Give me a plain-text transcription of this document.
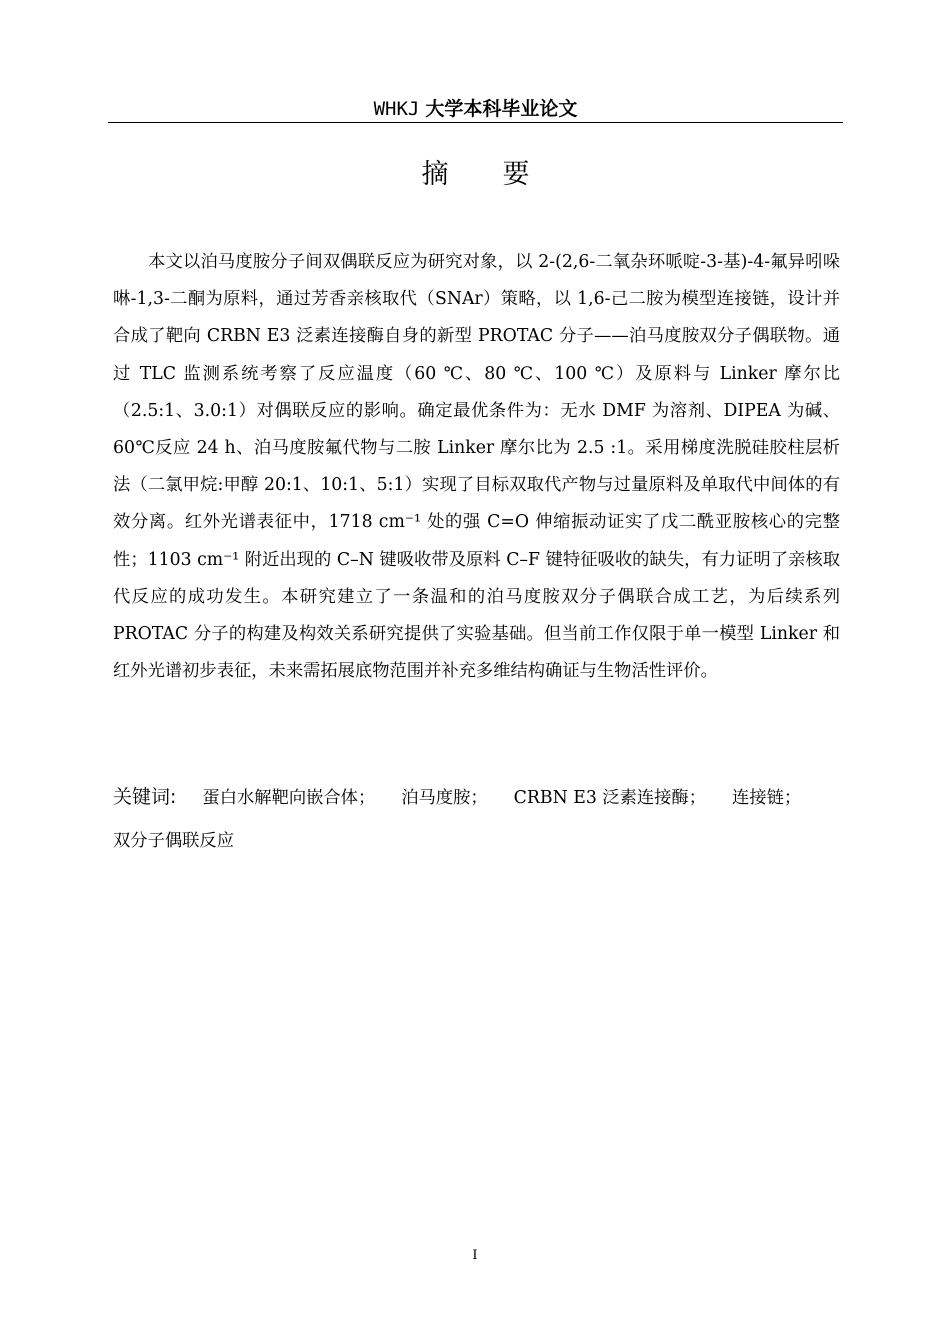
WHKJ 大学本科毕业论文
摘 要

本文以泊马度胺分子间双偶联反应为研究对象，以 2-(2,6-二氧杂环哌啶-3-基)-4-氟异吲哚啉-1,3-二酮为原料，通过芳香亲核取代（SNAr）策略，以 1,6-己二胺为模型连接链，设计并合成了靶向 CRBN E3 泛素连接酶自身的新型 PROTAC 分子——泊马度胺双分子偶联物。通过 TLC 监测系统考察了反应温度（60 ℃、80 ℃、100 ℃）及原料与 Linker 摩尔比（2.5:1、3.0:1）对偶联反应的影响。确定最优条件为：无水 DMF 为溶剂、DIPEA 为碱、60℃反应 24 h、泊马度胺氟代物与二胺 Linker 摩尔比为 2.5 :1。采用梯度洗脱硅胶柱层析法（二氯甲烷:甲醇 20:1、10:1、5:1）实现了目标双取代产物与过量原料及单取代中间体的有效分离。红外光谱表征中，1718 cm⁻¹ 处的强 C=O 伸缩振动证实了戊二酰亚胺核心的完整性；1103 cm⁻¹ 附近出现的 C–N 键吸收带及原料 C–F 键特征吸收的缺失，有力证明了亲核取代反应的成功发生。本研究建立了一条温和的泊马度胺双分子偶联合成工艺，为后续系列 PROTAC 分子的构建及构效关系研究提供了实验基础。但当前工作仅限于单一模型 Linker 和红外光谱初步表征，未来需拓展底物范围并补充多维结构确证与生物活性评价。

关键词: 蛋白水解靶向嵌合体； 泊马度胺； CRBN E3 泛素连接酶； 连接链；双分子偶联反应

I
